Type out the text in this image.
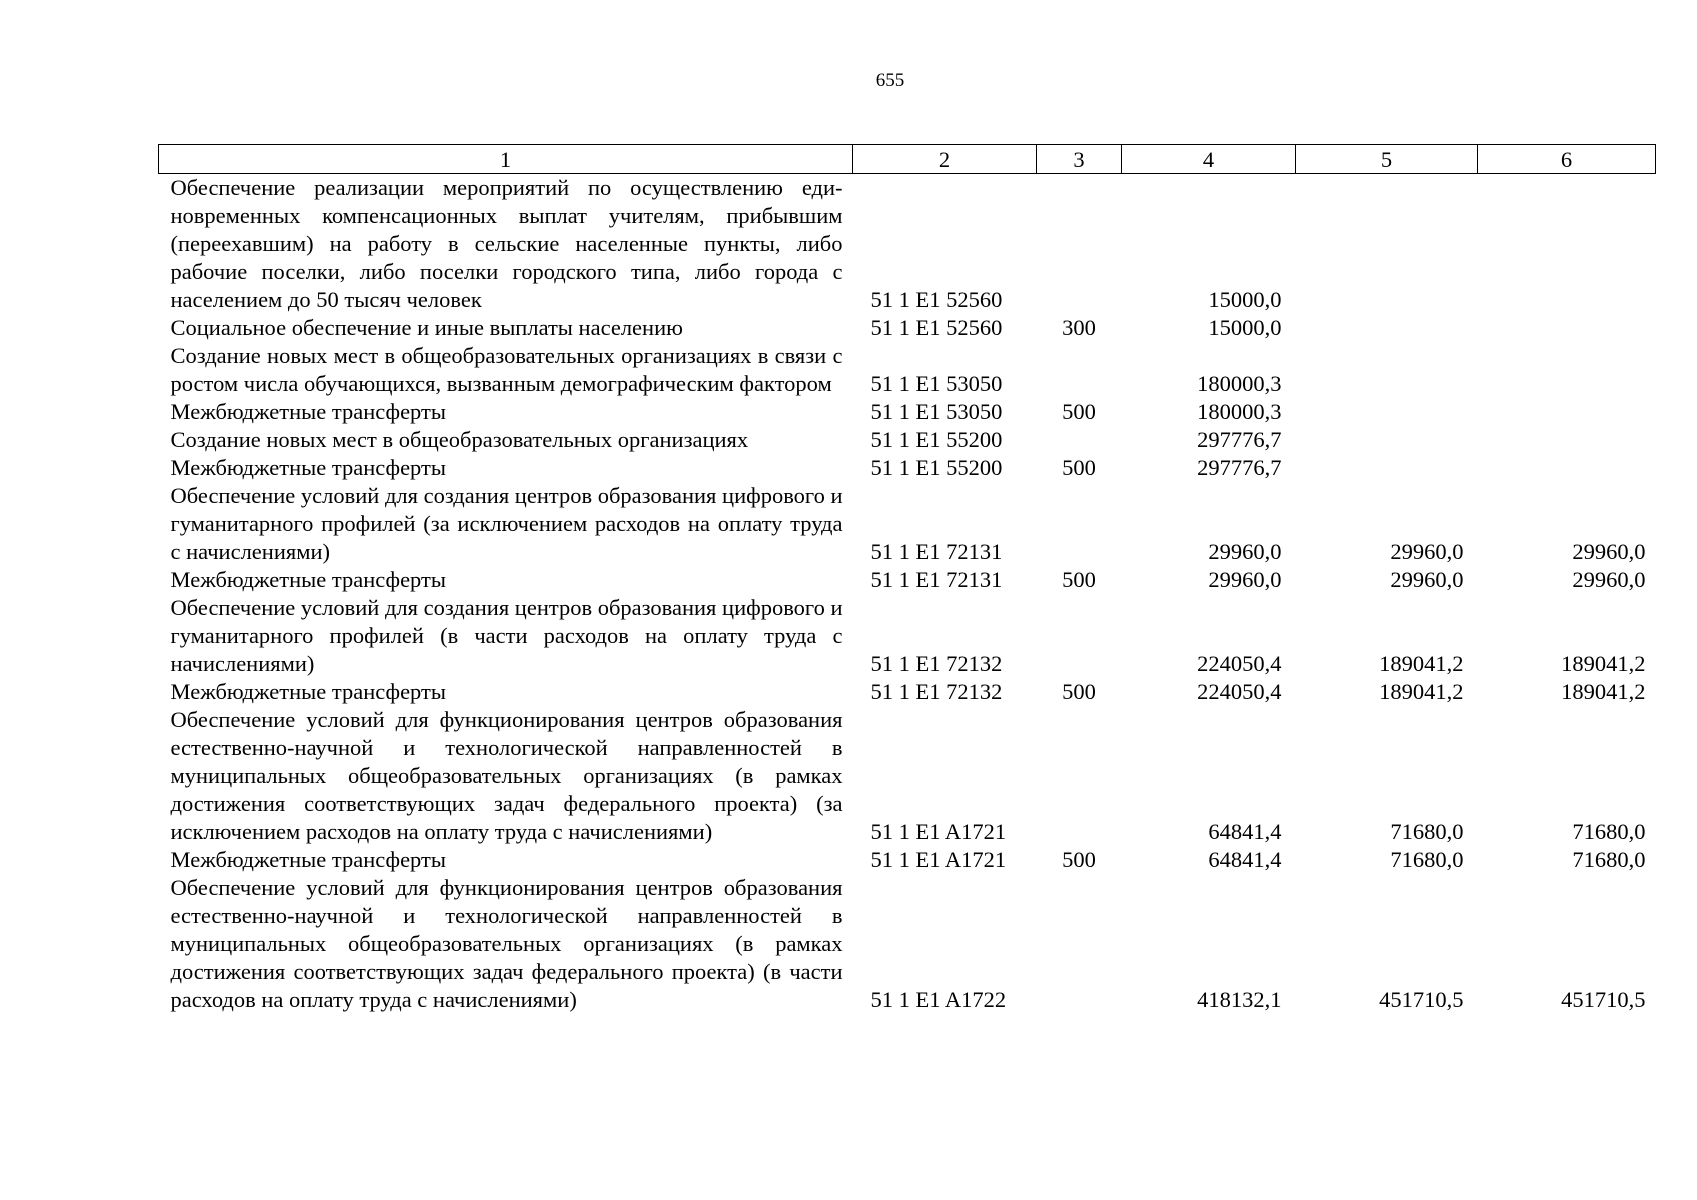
655
1	2	3	4	5	6
Обеспечение реализации мероприятий по осуществлению единовременных компенсационных выплат учителям, прибывшим (переехавшим) на работу в сельские населенные пункты, либо рабочие поселки, либо поселки городского типа, либо города с населением до 50 тысяч человек	51 1 E1 52560		15000,0		
Социальное обеспечение и иные выплаты населению	51 1 E1 52560	300	15000,0		
Создание новых мест в общеобразовательных организациях в связи с ростом числа обучающихся, вызванным демографическим фактором	51 1 E1 53050		180000,3		
Межбюджетные трансферты	51 1 E1 53050	500	180000,3		
Создание новых мест в общеобразовательных организациях	51 1 E1 55200		297776,7		
Межбюджетные трансферты	51 1 E1 55200	500	297776,7		
Обеспечение условий для создания центров образования цифрового и гуманитарного профилей (за исключением расходов на оплату труда с начислениями)	51 1 E1 72131		29960,0	29960,0	29960,0
Межбюджетные трансферты	51 1 E1 72131	500	29960,0	29960,0	29960,0
Обеспечение условий для создания центров образования цифрового и гуманитарного профилей (в части расходов на оплату труда с начислениями)	51 1 E1 72132		224050,4	189041,2	189041,2
Межбюджетные трансферты	51 1 E1 72132	500	224050,4	189041,2	189041,2
Обеспечение условий для функционирования центров образования естественно-научной и технологической направленностей в муниципальных общеобразовательных организациях (в рамках достижения соответствующих задач федерального проекта) (за исключением расходов на оплату труда с начислениями)	51 1 E1 A1721		64841,4	71680,0	71680,0
Межбюджетные трансферты	51 1 E1 A1721	500	64841,4	71680,0	71680,0
Обеспечение условий для функционирования центров образования естественно-научной и технологической направленностей в муниципальных общеобразовательных организациях (в рамках достижения соответствующих задач федерального проекта) (в части расходов на оплату труда с начислениями)	51 1 E1 A1722		418132,1	451710,5	451710,5
